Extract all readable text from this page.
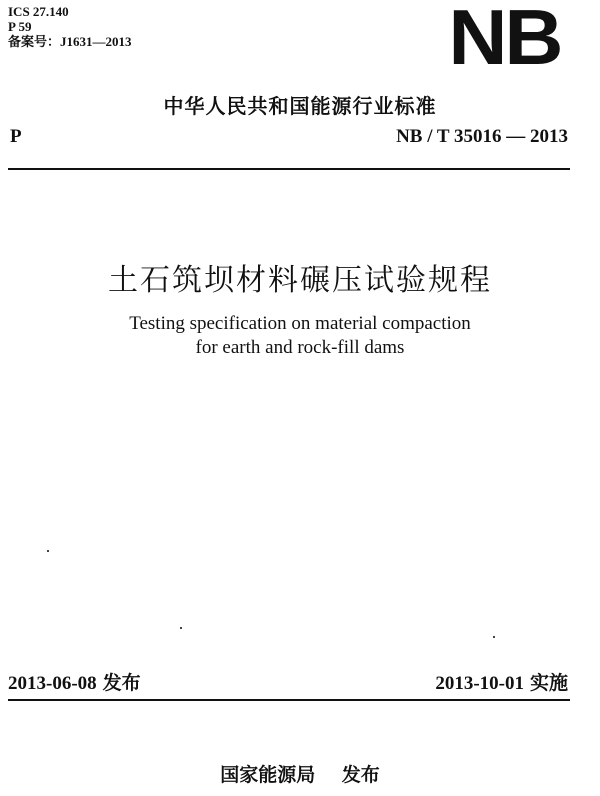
ICS 27.140
P 59
备案号：J1631—2013	NB
中华人民共和国能源行业标准
P	NB / T 35016 — 2013
土石筑坝材料碾压试验规程
Testing specification on material compaction
for earth and rock-fill dams
2013-06-08 发布	2013-10-01 实施
国家能源局 发布
